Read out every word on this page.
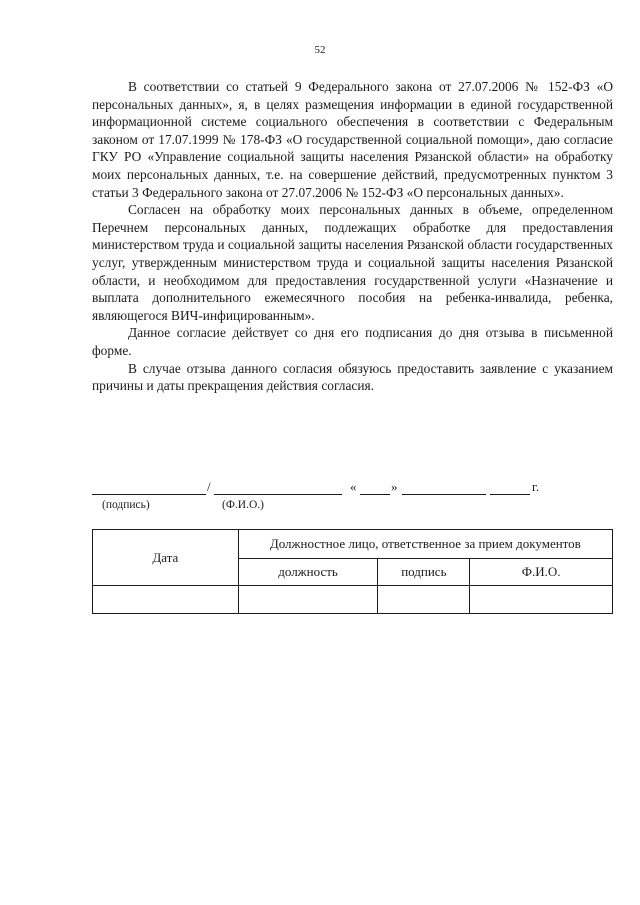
52

В соответствии со статьей 9 Федерального закона от 27.07.2006 № 152-ФЗ «О персональных данных», я, в целях размещения информации в единой государственной информационной системе социального обеспечения в соответствии с Федеральным законом от 17.07.1999 № 178-ФЗ «О государственной социальной помощи», даю согласие ГКУ РО «Управление социальной защиты населения Рязанской области» на обработку моих персональных данных, т.е. на совершение действий, предусмотренных пунктом 3 статьи 3 Федерального закона от 27.07.2006 № 152-ФЗ «О персональных данных».

Согласен на обработку моих персональных данных в объеме, определенном Перечнем персональных данных, подлежащих обработке для предоставления министерством труда и социальной защиты населения Рязанской области государственных услуг, утвержденным министерством труда и социальной защиты населения Рязанской области, и необходимом для предоставления государственной услуги «Назначение и выплата дополнительного ежемесячного пособия на ребенка-инвалида, ребенка, являющегося ВИЧ-инфицированным».

Данное согласие действует со дня его подписания до дня отзыва в письменной форме.

В случае отзыва данного согласия обязуюсь предоставить заявление с указанием причины и даты прекращения действия согласия.

/	«	»	г.
(подпись)	(Ф.И.О.)
Дата	Должностное лицо, ответственное за прием документов		
	должность	подпись	Ф.И.О.
